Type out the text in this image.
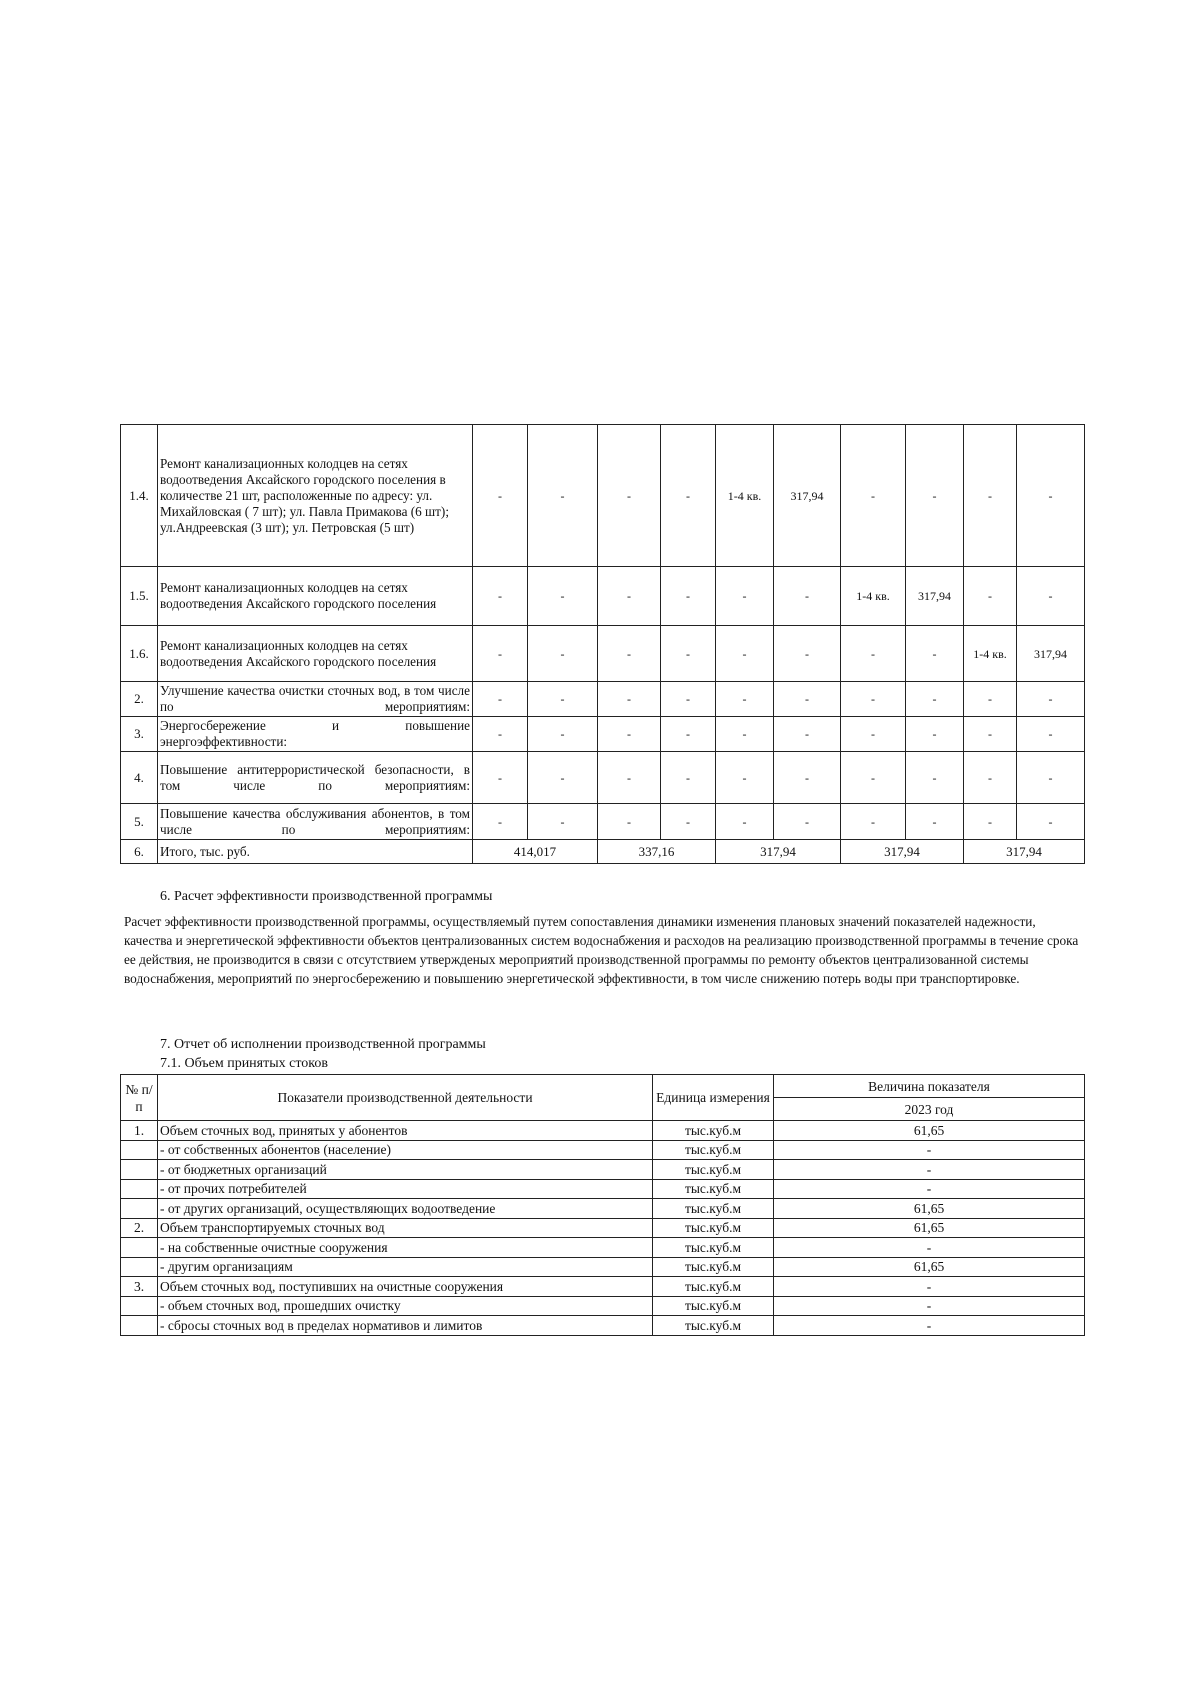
1.4.	Ремонт канализационных колодцев на сетях водоотведения Аксайского городского поселения в количестве 21 шт, расположенные по адресу: ул. Михайловская ( 7 шт); ул. Павла Примакова (6 шт); ул.Андреевская (3 шт); ул. Петровская (5 шт)	-	-	-	-	1-4 кв.	317,94	-	-	-	-
1.5.	Ремонт канализационных колодцев на сетях водоотведения Аксайского городского поселения	-	-	-	-	-	-	1-4 кв.	317,94	-	-
1.6.	Ремонт канализационных колодцев на сетях водоотведения Аксайского городского поселения	-	-	-	-	-	-	-	-	1-4 кв.	317,94
2.	Улучшение качества очистки сточных вод, в том числе по мероприятиям:	-	-	-	-	-	-	-	-	-	-
3.	Энергосбережение и повышение энергоэффективности:	-	-	-	-	-	-	-	-	-	-
4.	Повышение антитеррористической безопасности, в том числе по мероприятиям:	-	-	-	-	-	-	-	-	-	-
5.	Повышение качества обслуживания абонентов, в том числе по мероприятиям:	-	-	-	-	-	-	-	-	-	-
6.	Итого, тыс. руб.	414,017		337,16		317,94		317,94		317,94	

6. Расчет эффективности производственной программы

Расчет эффективности производственной программы, осуществляемый путем сопоставления динамики изменения плановых значений показателей надежности, качества и энергетической эффективности объектов централизованных систем водоснабжения и расходов на реализацию производственной программы в течение срока ее действия, не производится в связи с отсутствием утвержденых мероприятий производственной программы по ремонту объектов централизованной системы водоснабжения, мероприятий по энергосбережению и повышению энергетической эффективности, в том числе снижению потерь воды при транспортировке.

7. Отчет об исполнении производственной программы

7.1. Объем принятых стоков

№ п/п	Показатели производственной деятельности	Единица измерения	Величина показателя
			2023 год
1.	Объем сточных вод, принятых у абонентов	тыс.куб.м	61,65
	- от собственных абонентов (население)	тыс.куб.м	-
	- от бюджетных организаций	тыс.куб.м	-
	- от прочих потребителей	тыс.куб.м	-
	- от других организаций, осуществляющих водоотведение	тыс.куб.м	61,65
2.	Объем транспортируемых сточных вод	тыс.куб.м	61,65
	- на собственные очистные сооружения	тыс.куб.м	-
	- другим организациям	тыс.куб.м	61,65
3.	Объем сточных вод, поступивших на очистные сооружения	тыс.куб.м	-
	- объем сточных вод, прошедших очистку	тыс.куб.м	-
	- сбросы сточных вод в пределах нормативов и лимитов	тыс.куб.м	-
